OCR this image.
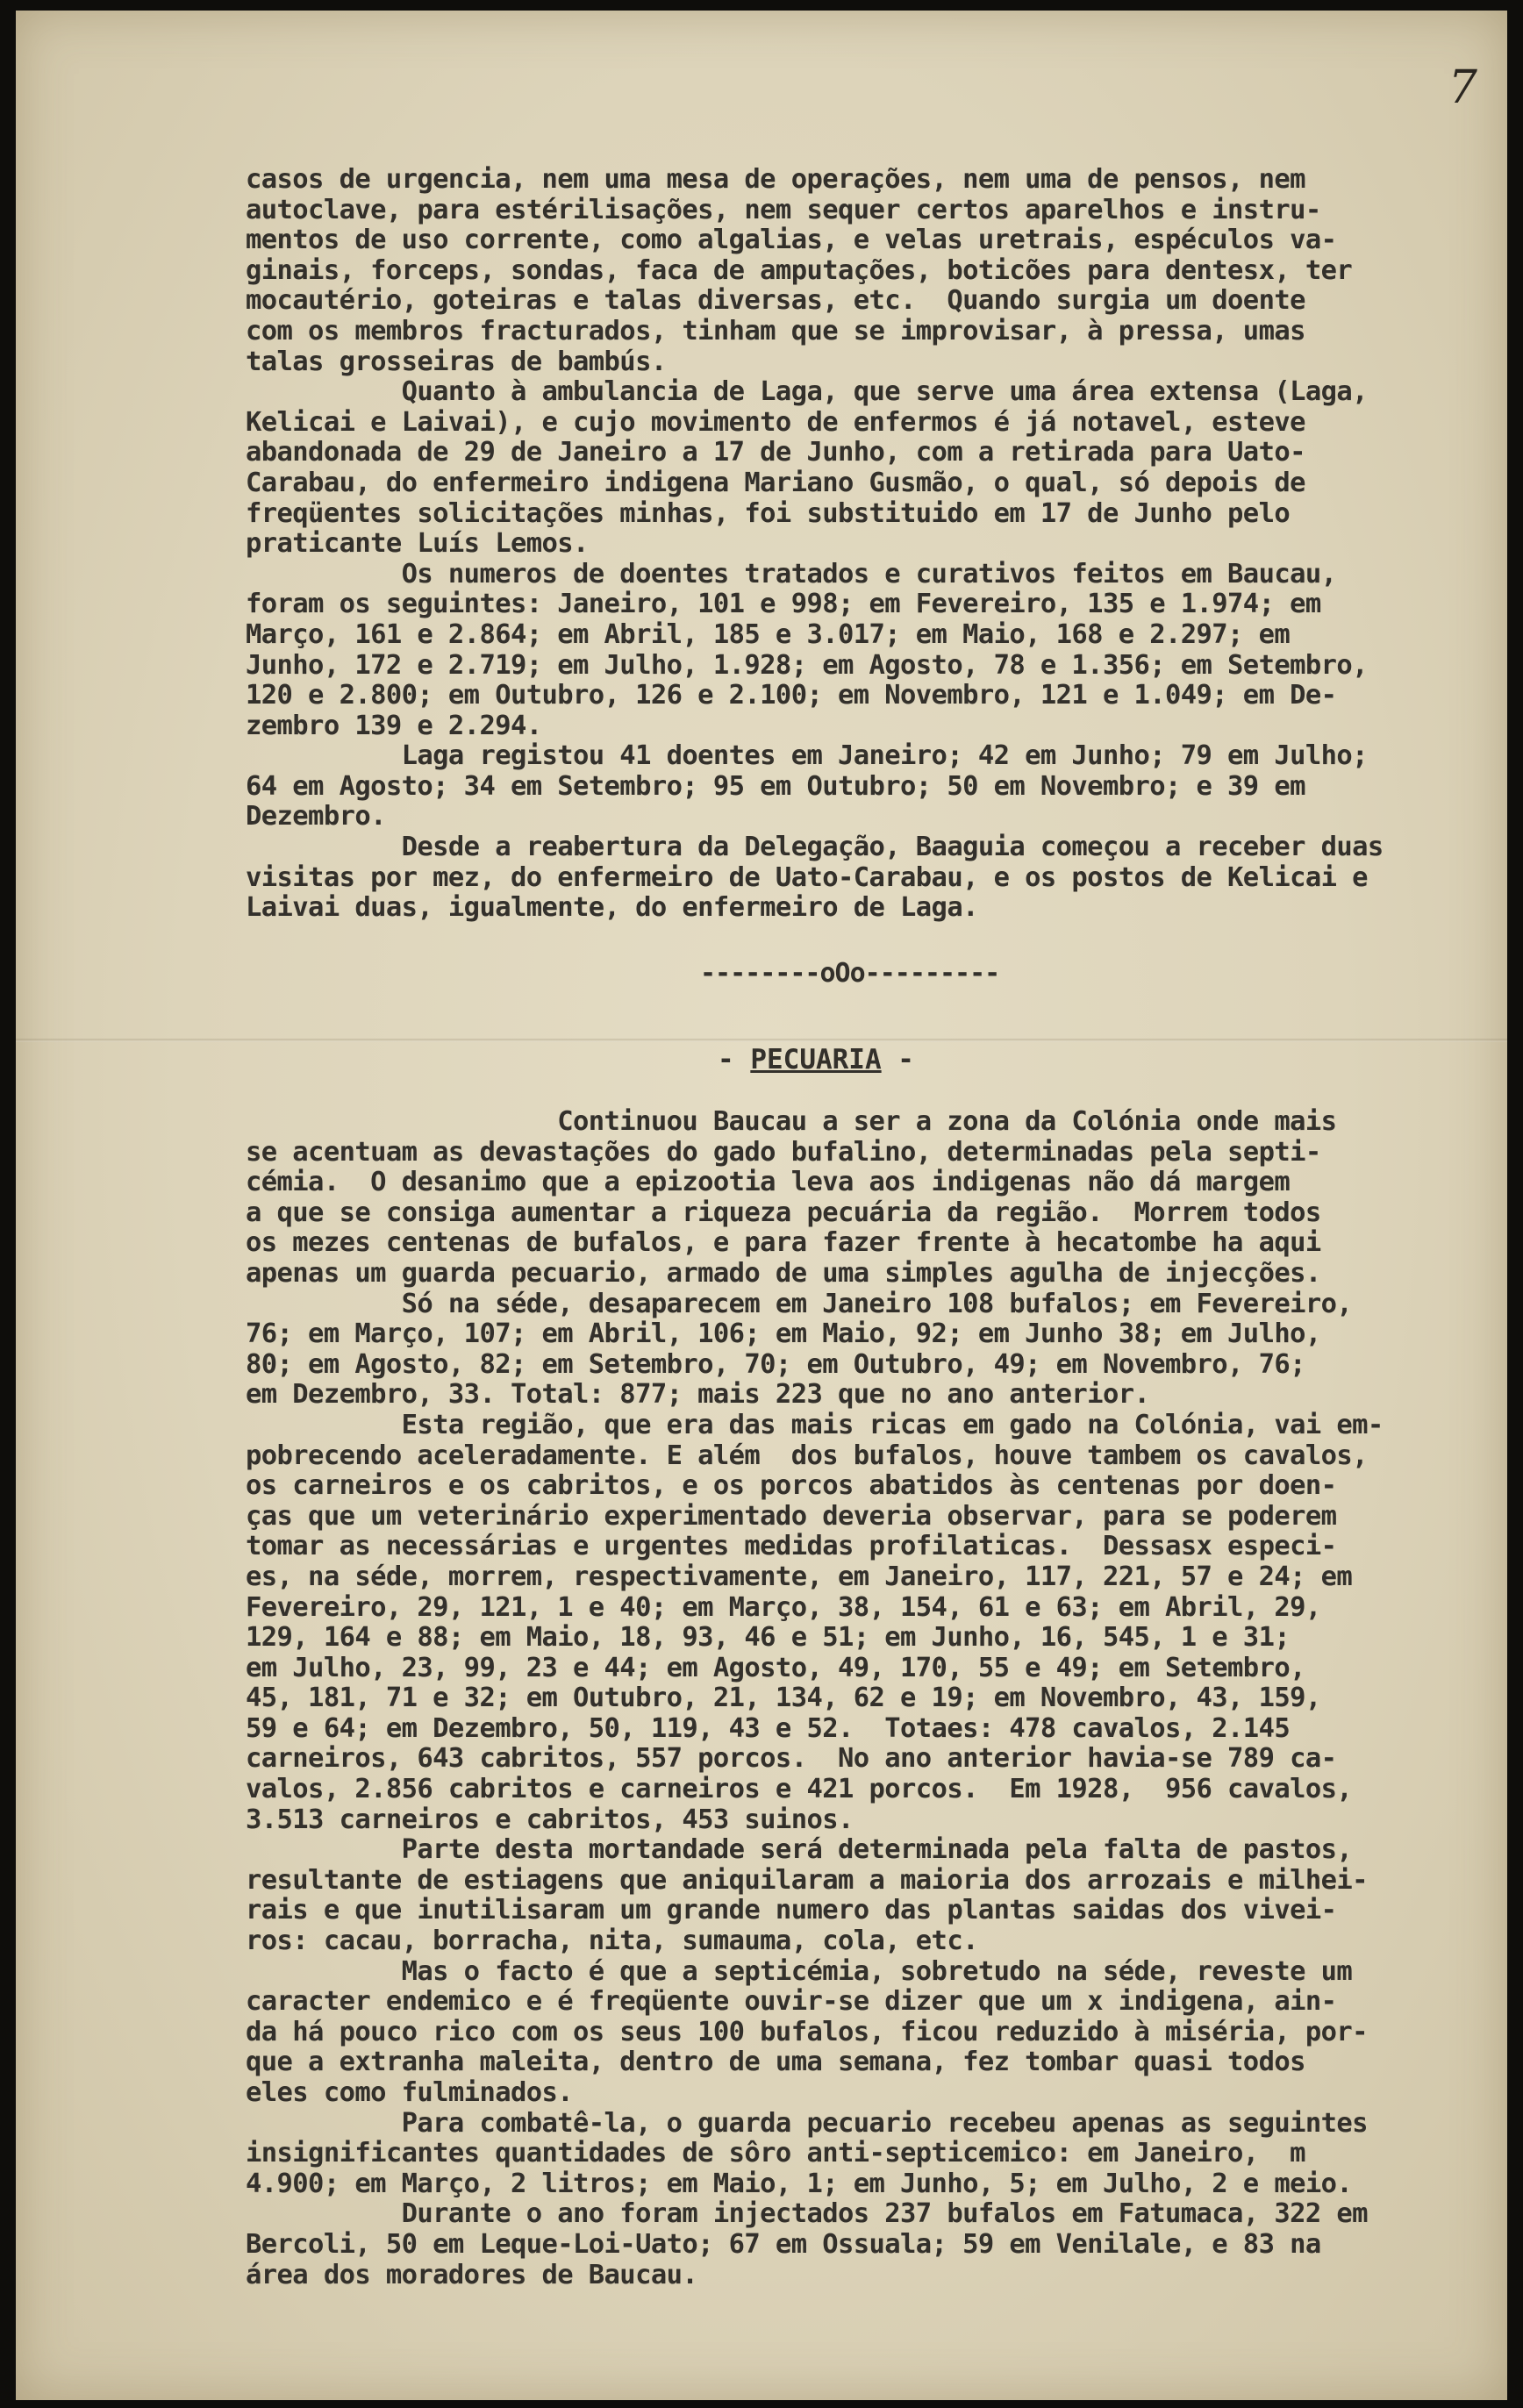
7
casos de urgencia, nem uma mesa de operações, nem uma de pensos, nem
autoclave, para estérilisações, nem sequer certos aparelhos e instru-
mentos de uso corrente, como algalias, e velas uretrais, espéculos va-
ginais, forceps, sondas, faca de amputações, boticões para dentesx, ter
mocautério, goteiras e talas diversas, etc.  Quando surgia um doente
com os membros fracturados, tinham que se improvisar, à pressa, umas
talas grosseiras de bambús.
Quanto à ambulancia de Laga, que serve uma área extensa (Laga,
Kelicai e Laivai), e cujo movimento de enfermos é já notavel, esteve
abandonada de 29 de Janeiro a 17 de Junho, com a retirada para Uato-
Carabau, do enfermeiro indigena Mariano Gusmão, o qual, só depois de
freqüentes solicitações minhas, foi substituido em 17 de Junho pelo
praticante Luís Lemos.
Os numeros de doentes tratados e curativos feitos em Baucau,
foram os seguintes: Janeiro, 101 e 998; em Fevereiro, 135 e 1.974; em
Março, 161 e 2.864; em Abril, 185 e 3.017; em Maio, 168 e 2.297; em
Junho, 172 e 2.719; em Julho, 1.928; em Agosto, 78 e 1.356; em Setembro,
120 e 2.800; em Outubro, 126 e 2.100; em Novembro, 121 e 1.049; em De-
zembro 139 e 2.294.
Laga registou 41 doentes em Janeiro; 42 em Junho; 79 em Julho;
64 em Agosto; 34 em Setembro; 95 em Outubro; 50 em Novembro; e 39 em
Dezembro.
Desde a reabertura da Delegação, Baaguia começou a receber duas
visitas por mez, do enfermeiro de Uato-Carabau, e os postos de Kelicai e
Laivai duas, igualmente, do enfermeiro de Laga.
--------oOo---------
- PECUARIA -
Continuou Baucau a ser a zona da Colónia onde mais
se acentuam as devastações do gado bufalino, determinadas pela septi-
cémia.  O desanimo que a epizootia leva aos indigenas não dá margem
a que se consiga aumentar a riqueza pecuária da região.  Morrem todos
os mezes centenas de bufalos, e para fazer frente à hecatombe ha aqui
apenas um guarda pecuario, armado de uma simples agulha de injecções.
Só na séde, desaparecem em Janeiro 108 bufalos; em Fevereiro,
76; em Março, 107; em Abril, 106; em Maio, 92; em Junho 38; em Julho,
80; em Agosto, 82; em Setembro, 70; em Outubro, 49; em Novembro, 76;
em Dezembro, 33. Total: 877; mais 223 que no ano anterior.
Esta região, que era das mais ricas em gado na Colónia, vai em-
pobrecendo aceleradamente. E além  dos bufalos, houve tambem os cavalos,
os carneiros e os cabritos, e os porcos abatidos às centenas por doen-
ças que um veterinário experimentado deveria observar, para se poderem
tomar as necessárias e urgentes medidas profilaticas.  Dessasx especi-
es, na séde, morrem, respectivamente, em Janeiro, 117, 221, 57 e 24; em
Fevereiro, 29, 121, 1 e 40; em Março, 38, 154, 61 e 63; em Abril, 29,
129, 164 e 88; em Maio, 18, 93, 46 e 51; em Junho, 16, 545, 1 e 31;
em Julho, 23, 99, 23 e 44; em Agosto, 49, 170, 55 e 49; em Setembro,
45, 181, 71 e 32; em Outubro, 21, 134, 62 e 19; em Novembro, 43, 159,
59 e 64; em Dezembro, 50, 119, 43 e 52.  Totaes: 478 cavalos, 2.145
carneiros, 643 cabritos, 557 porcos.  No ano anterior havia-se 789 ca-
valos, 2.856 cabritos e carneiros e 421 porcos.  Em 1928,  956 cavalos,
3.513 carneiros e cabritos, 453 suinos.
Parte desta mortandade será determinada pela falta de pastos,
resultante de estiagens que aniquilaram a maioria dos arrozais e milhei-
rais e que inutilisaram um grande numero das plantas saidas dos vivei-
ros: cacau, borracha, nita, sumauma, cola, etc.
Mas o facto é que a septicémia, sobretudo na séde, reveste um
caracter endemico e é freqüente ouvir-se dizer que um x indigena, ain-
da há pouco rico com os seus 100 bufalos, ficou reduzido à miséria, por-
que a extranha maleita, dentro de uma semana, fez tombar quasi todos
eles como fulminados.
Para combatê-la, o guarda pecuario recebeu apenas as seguintes
insignificantes quantidades de sôro anti-septicemico: em Janeiro,  m
4.900; em Março, 2 litros; em Maio, 1; em Junho, 5; em Julho, 2 e meio.
Durante o ano foram injectados 237 bufalos em Fatumaca, 322 em
Bercoli, 50 em Leque-Loi-Uato; 67 em Ossuala; 59 em Venilale, e 83 na
área dos moradores de Baucau.
